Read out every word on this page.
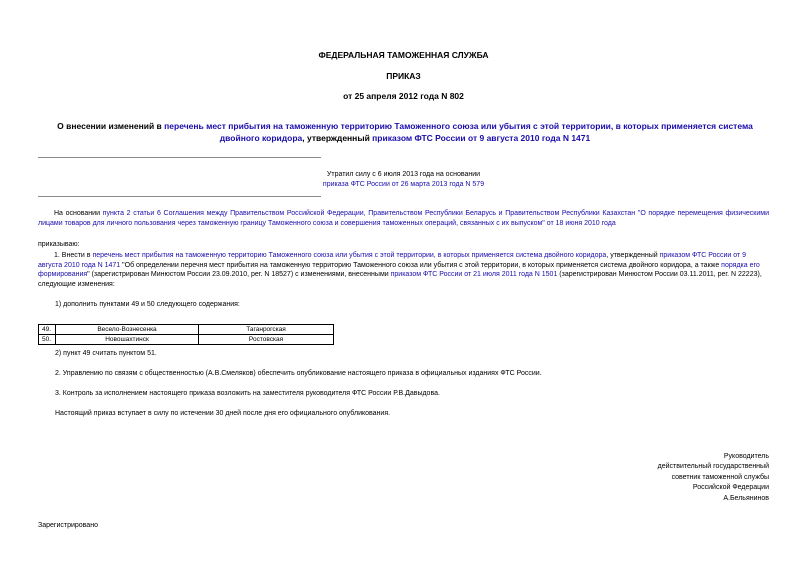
ФЕДЕРАЛЬНАЯ ТАМОЖЕННАЯ СЛУЖБА
ПРИКАЗ
от 25 апреля 2012 года N 802
О внесении изменений в перечень мест прибытия на таможенную территорию Таможенного союза или убытия с этой территории, в которых применяется система двойного коридора, утвержденный приказом ФТС России от 9 августа 2010 года N 1471
Утратил силу с 6 июля 2013 года на основании
приказа ФТС России от 26 марта 2013 года N 579
На основании пункта 2 статьи 6 Соглашения между Правительством Российской Федерации, Правительством Республики Беларусь и Правительством Республики Казахстан "О порядке перемещения физическими лицами товаров для личного пользования через таможенную границу Таможенного союза и совершения таможенных операций, связанных с их выпуском" от 18 июня 2010 года
приказываю:
1. Внести в перечень мест прибытия на таможенную территорию Таможенного союза или убытия с этой территории, в которых применяется система двойного коридора, утвержденный приказом ФТС России от 9 августа 2010 года N 1471 "Об определении перечня мест прибытия на таможенную территорию Таможенного союза или убытия с этой территории, в которых применяется система двойного коридора, а также порядка его формирования" (зарегистрирован Минюстом России 23.09.2010, рег. N 18527) с изменениями, внесенными приказом ФТС России от 21 июля 2011 года N 1501 (зарегистрирован Минюстом России 03.11.2011, рег. N 22223), следующие изменения:
1) дополнить пунктами 49 и 50 следующего содержания:
49.	Весело-Вознесенка	Таганрогская
50.	Новошахтинск	Ростовская
2) пункт 49 считать пунктом 51.
2. Управлению по связям с общественностью (А.В.Смеляков) обеспечить опубликование настоящего приказа в официальных изданиях ФТС России.
3. Контроль за исполнением настоящего приказа возложить на заместителя руководителя ФТС России Р.В.Давыдова.
Настоящий приказ вступает в силу по истечении 30 дней после дня его официального опубликования.
Руководитель
действительный государственный
советник таможенной службы
Российской Федерации
А.Бельянинов
Зарегистрировано
